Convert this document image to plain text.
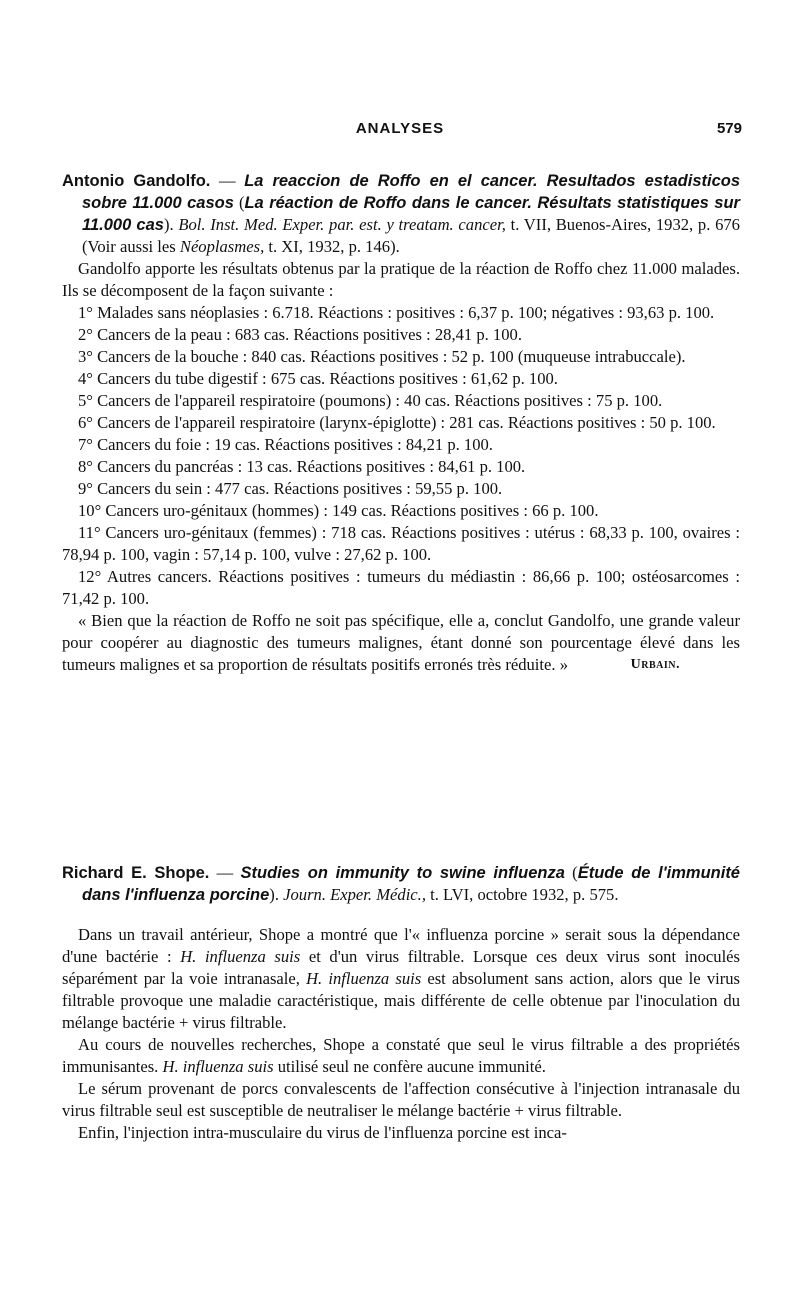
ANALYSES	579

Antonio Gandolfo. — La reaccion de Roffo en el cancer. Resultados estadisticos sobre 11.000 casos (La réaction de Roffo dans le cancer. Résultats statistiques sur 11.000 cas). Bol. Inst. Med. Exper. par. est. y treatam. cancer, t. VII, Buenos-Aires, 1932, p. 676 (Voir aussi les Néoplasmes, t. XI, 1932, p. 146).

Gandolfo apporte les résultats obtenus par la pratique de la réaction de Roffo chez 11.000 malades. Ils se décomposent de la façon suivante :

1° Malades sans néoplasies : 6.718. Réactions : positives : 6,37 p. 100; négatives : 93,63 p. 100.

2° Cancers de la peau : 683 cas. Réactions positives : 28,41 p. 100.

3° Cancers de la bouche : 840 cas. Réactions positives : 52 p. 100 (muqueuse intrabuccale).

4° Cancers du tube digestif : 675 cas. Réactions positives : 61,62 p. 100.

5° Cancers de l'appareil respiratoire (poumons) : 40 cas. Réactions positives : 75 p. 100.

6° Cancers de l'appareil respiratoire (larynx-épiglotte) : 281 cas. Réactions positives : 50 p. 100.

7° Cancers du foie : 19 cas. Réactions positives : 84,21 p. 100.

8° Cancers du pancréas : 13 cas. Réactions positives : 84,61 p. 100.

9° Cancers du sein : 477 cas. Réactions positives : 59,55 p. 100.

10° Cancers uro-génitaux (hommes) : 149 cas. Réactions positives : 66 p. 100.

11° Cancers uro-génitaux (femmes) : 718 cas. Réactions positives : utérus : 68,33 p. 100, ovaires : 78,94 p. 100, vagin : 57,14 p. 100, vulve : 27,62 p. 100.

12° Autres cancers. Réactions positives : tumeurs du médiastin : 86,66 p. 100; ostéosarcomes : 71,42 p. 100.

« Bien que la réaction de Roffo ne soit pas spécifique, elle a, conclut Gandolfo, une grande valeur pour coopérer au diagnostic des tumeurs malignes, étant donné son pourcentage élevé dans les tumeurs malignes et sa proportion de résultats positifs erronés très réduite. »	Urbain.

Richard E. Shope. — Studies on immunity to swine influenza (Étude de l'immunité dans l'influenza porcine). Journ. Exper. Médic., t. LVI, octobre 1932, p. 575.

Dans un travail antérieur, Shope a montré que l'« influenza porcine » serait sous la dépendance d'une bactérie : H. influenza suis et d'un virus filtrable. Lorsque ces deux virus sont inoculés séparément par la voie intranasale, H. influenza suis est absolument sans action, alors que le virus filtrable provoque une maladie caractéristique, mais différente de celle obtenue par l'inoculation du mélange bactérie + virus filtrable.

Au cours de nouvelles recherches, Shope a constaté que seul le virus filtrable a des propriétés immunisantes. H. influenza suis utilisé seul ne confère aucune immunité.

Le sérum provenant de porcs convalescents de l'affection consécutive à l'injection intranasale du virus filtrable seul est susceptible de neutraliser le mélange bactérie + virus filtrable.

Enfin, l'injection intra-musculaire du virus de l'influenza porcine est inca-
